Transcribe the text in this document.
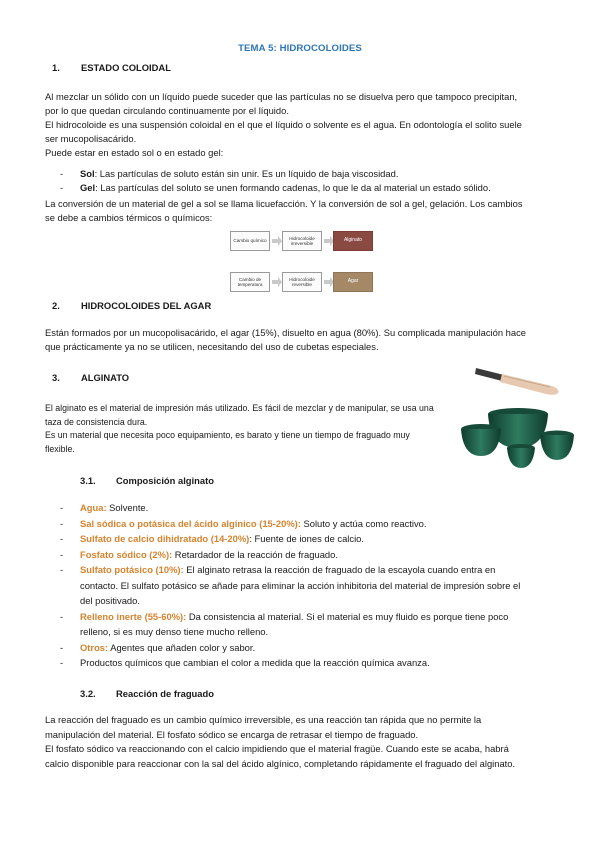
TEMA 5: HIDROCOLOIDES
1. ESTADO COLOIDAL

Al mezclar un sólido con un líquido puede suceder que las partículas no se disuelva pero que tampoco precipitan,

por lo que quedan circulando continuamente por el líquido.

El hidrocoloide es una suspensión coloidal en el que el líquido o solvente es el agua. En odontología el solito suele

ser mucopolisacárido.

Puede estar en estado sol o en estado gel:

- Sol: Las partículas de soluto están sin unir. Es un líquido de baja viscosidad.
- Gel: Las partículas del soluto se unen formando cadenas, lo que le da al material un estado sólido.

La conversión de un material de gel a sol se llama licuefacción. Y la conversión de sol a gel, gelación. Los cambios

se debe a cambios térmicos o químicos:

Cambio químico
Hidrocoloide irreversible
Alginato
Cambio de temperatura
Hidrocoloide reversible
Agar
2. HIDROCOLOIDES DEL AGAR

Están formados por un mucopolisacárido, el agar (15%), disuelto en agua (80%). Su complicada manipulación hace

que prácticamente ya no se utilicen, necesitando del uso de cubetas especiales.

3. ALGINATO

El alginato es el material de impresión más utilizado. Es fácil de mezclar y de manipular, se usa una

taza de consistencia dura.

Es un material que necesita poco equipamiento, es barato y tiene un tiempo de fraguado muy

flexible.

3.1. Composición alginato
- Agua: Solvente.
- Sal sódica o potásica del ácido algínico (15-20%): Soluto y actúa como reactivo.
- Sulfato de calcio dihidratado (14-20%): Fuente de iones de calcio.
- Fosfato sódico (2%): Retardador de la reacción de fraguado.
- Sulfato potásico (10%): El alginato retrasa la reacción de fraguado de la escayola cuando entra en
contacto. El sulfato potásico se añade para eliminar la acción inhibitoria del material de impresión sobre el
del positivado.
- Relleno inerte (55-60%): Da consistencia al material. Si el material es muy fluido es porque tiene poco
relleno, si es muy denso tiene mucho relleno.
- Otros: Agentes que añaden color y sabor.
- Productos químicos que cambian el color a medida que la reacción química avanza.
3.2. Reacción de fraguado

La reacción del fraguado es un cambio químico irreversible, es una reacción tan rápida que no permite la

manipulación del material. El fosfato sódico se encarga de retrasar el tiempo de fraguado.

El fosfato sódico va reaccionando con el calcio impidiendo que el material fragüe. Cuando este se acaba, habrá

calcio disponible para reaccionar con la sal del ácido algínico, completando rápidamente el fraguado del alginato.
